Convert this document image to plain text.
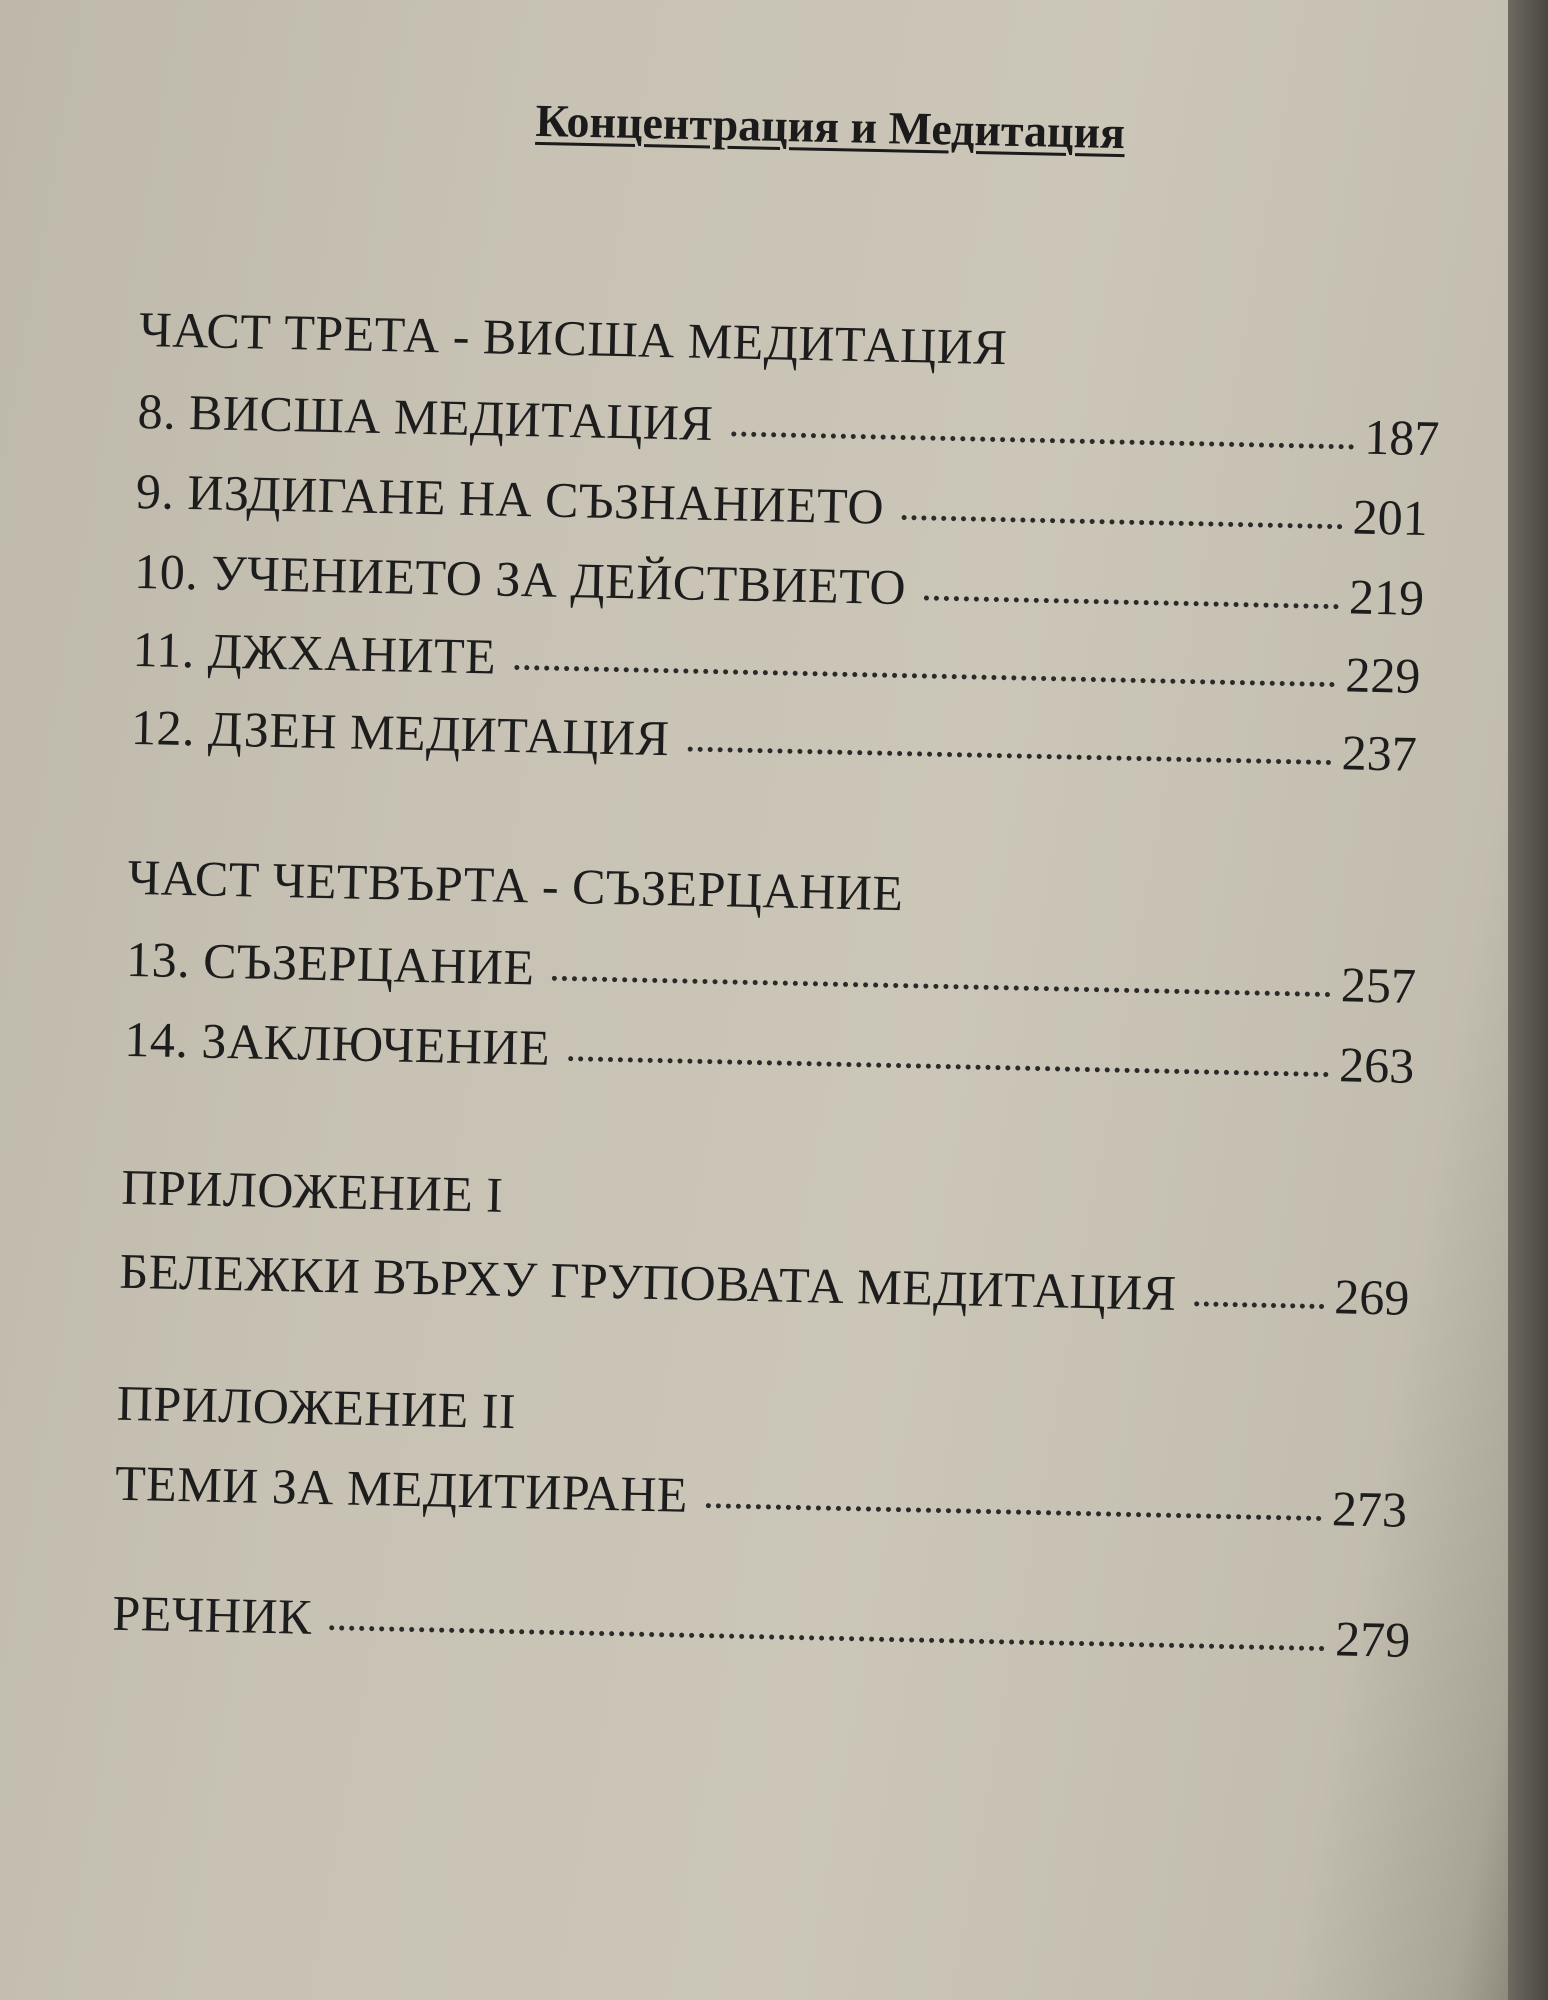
Концентрация и Медитация
ЧАСТ ТРЕТА - ВИСША МЕДИТАЦИЯ
8. ВИСША МЕДИТАЦИЯ	187
9. ИЗДИГАНЕ НА СЪЗНАНИЕТО	201
10. УЧЕНИЕТО ЗА ДЕЙСТВИЕТО	219
11. ДЖХАНИТЕ	229
12. ДЗЕН МЕДИТАЦИЯ	237
ЧАСТ ЧЕТВЪРТА - СЪЗЕРЦАНИЕ
13. СЪЗЕРЦАНИЕ	257
14. ЗАКЛЮЧЕНИЕ	263
ПРИЛОЖЕНИЕ I
БЕЛЕЖКИ ВЪРХУ ГРУПОВАТА МЕДИТАЦИЯ	269
ПРИЛОЖЕНИЕ II
ТЕМИ ЗА МЕДИТИРАНЕ	273
РЕЧНИК	279
